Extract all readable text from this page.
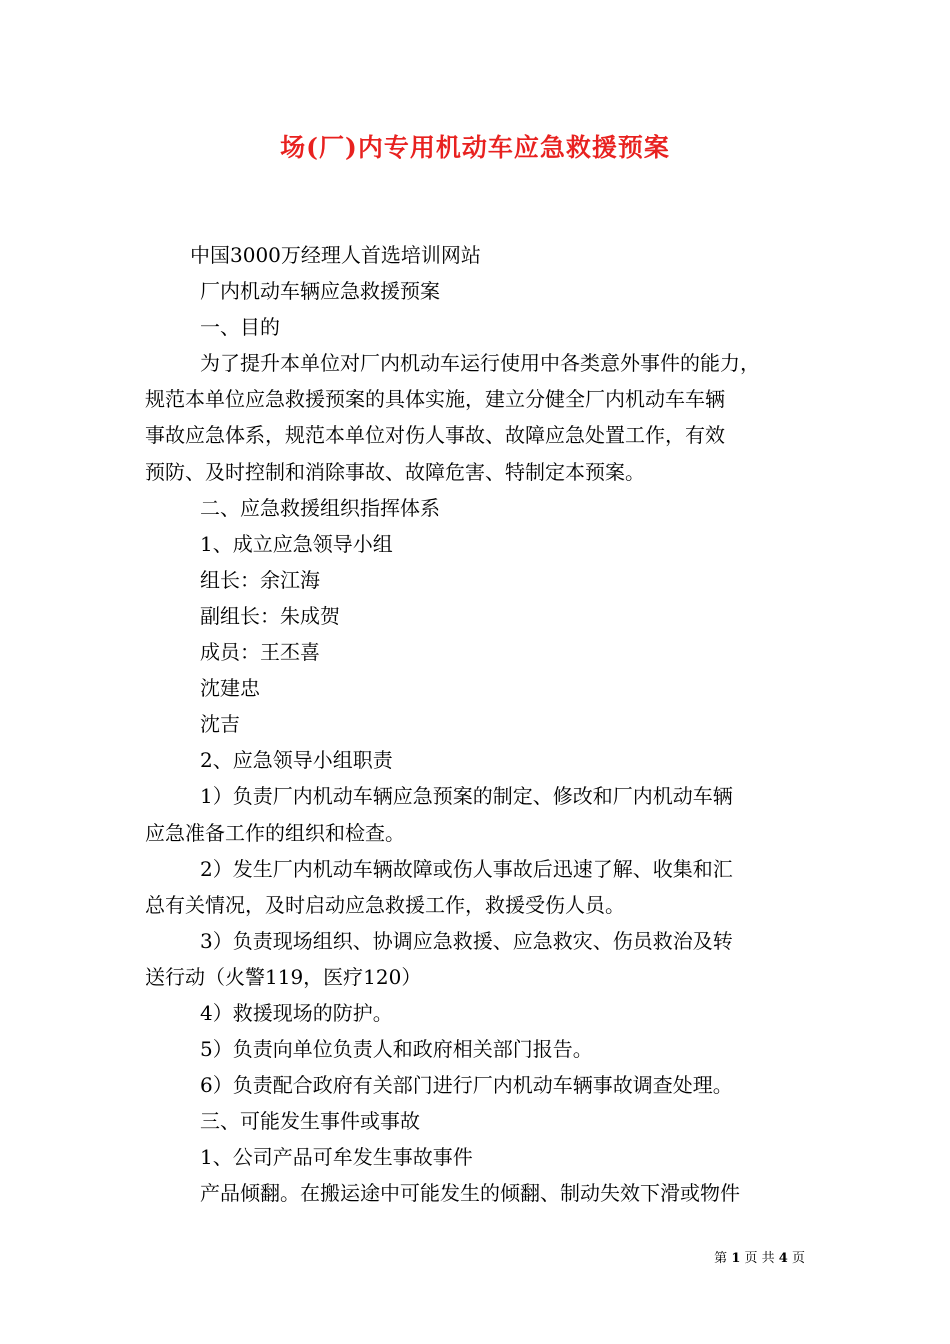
场(厂)内专用机动车应急救援预案

中国3000万经理人首选培训网站

厂内机动车辆应急救援预案

一、目的

为了提升本单位对厂内机动车运行使用中各类意外事件的能力，

规范本单位应急救援预案的具体实施，建立分健全厂内机动车车辆

事故应急体系，规范本单位对伤人事故、故障应急处置工作，有效

预防、及时控制和消除事故、故障危害、特制定本预案。

二、应急救援组织指挥体系

1、成立应急领导小组

组长：余江海

副组长：朱成贺

成员：王丕喜

沈建忠

沈吉

2、应急领导小组职责

1）负责厂内机动车辆应急预案的制定、修改和厂内机动车辆

应急准备工作的组织和检查。

2）发生厂内机动车辆故障或伤人事故后迅速了解、收集和汇

总有关情况，及时启动应急救援工作，救援受伤人员。

3）负责现场组织、协调应急救援、应急救灾、伤员救治及转

送行动（火警119，医疗120）

4）救援现场的防护。

5）负责向单位负责人和政府相关部门报告。

6）负责配合政府有关部门进行厂内机动车辆事故调查处理。

三、可能发生事件或事故

1、公司产品可牟发生事故事件

产品倾翻。在搬运途中可能发生的倾翻、制动失效下滑或物件

第 1 页 共 4 页
